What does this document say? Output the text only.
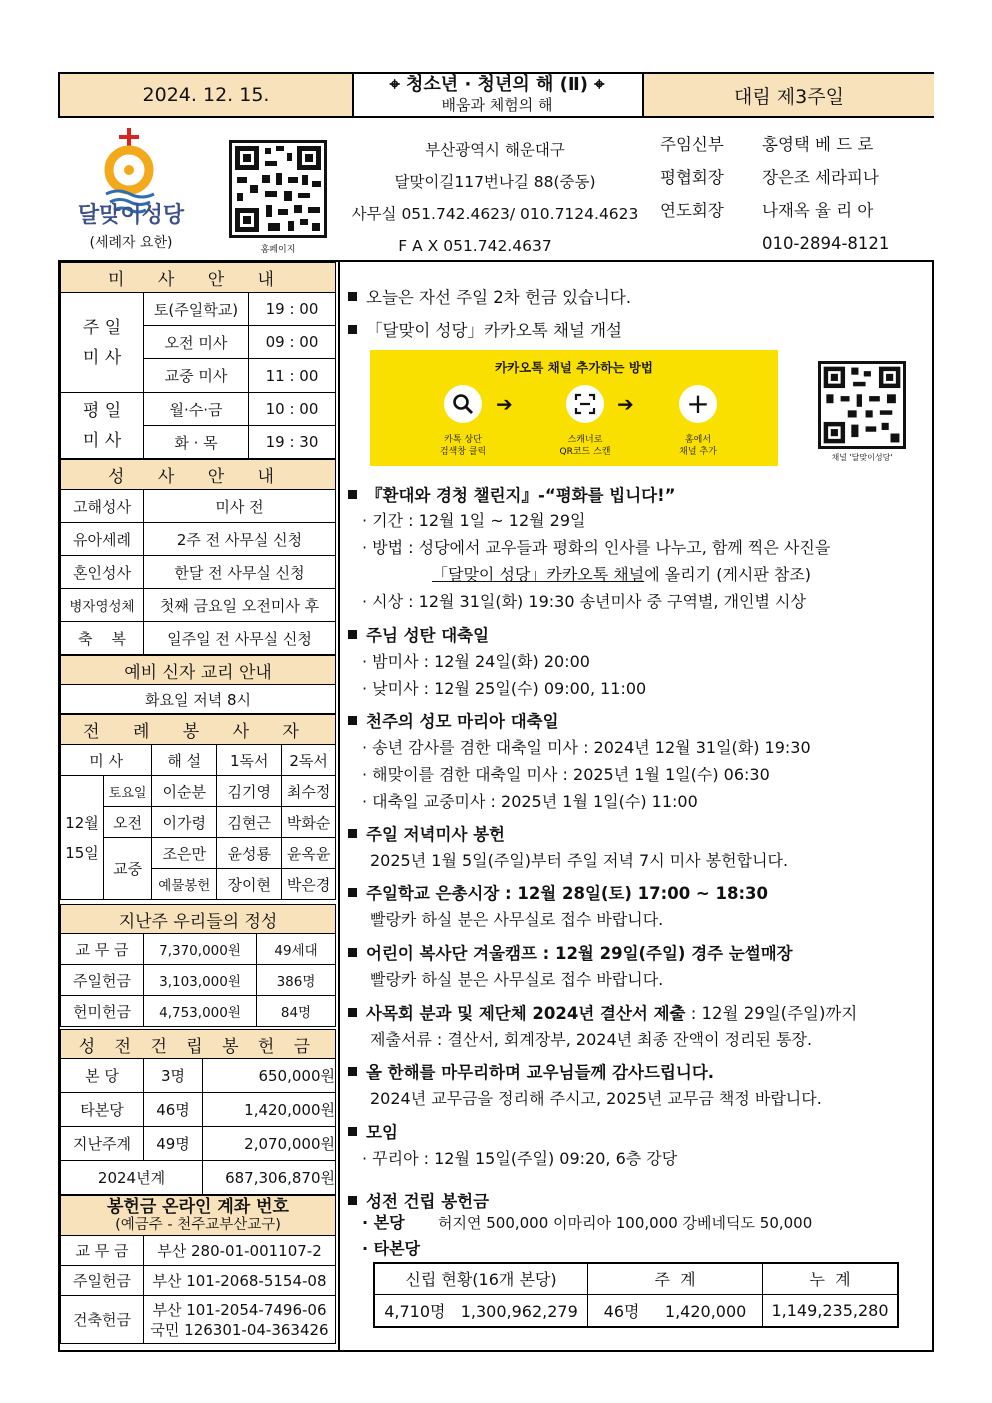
2024. 12. 15.	⌖ 청소년 · 청년의 해 (Ⅱ) ⌖
배움과 체험의 해	대림 제3주일
달맞이성당
(세례자 요한)	홈페이지
부산광역시 해운대구
달맞이길117번나길 88(중동)
사무실 051.742.4623/ 010.7124.4623
F A X 051.742.4637
주임신부 홍영택 베 드 로
평협회장 장은조 세라피나
연도회장 나재옥 율 리 아
010-2894-8121
미 사 안 내		
주 일
미 사	토(주일학교)	19 : 00
	오전 미사	09 : 00
	교중 미사	11 : 00
평 일
미 사	월·수·금	10 : 00
	화 · 목	19 : 30
성 사 안 내	
고해성사	미사 전
유아세례	2주 전 사무실 신청
혼인성사	한달 전 사무실 신청
병자영성체	첫째 금요일 오전미사 후
축    복	일주일 전 사무실 신청
예비 신자 교리 안내
화요일 저녁 8시
전 례 봉 사 자				
미 사		해 설	1독서	2독서
12월
15일	토요일	이순분	김기영	최수정
	오전	이가령	김현근	박화순
	교중	조은만	윤성룡	윤옥윤
		예물봉헌	장이현	박은경
지난주 우리들의 정성		
교 무 금	7,370,000원	49세대
주일헌금	3,103,000원	386명
헌미헌금	4,753,000원	84명
성 전 건 립 봉 헌 금		
본 당	3명	650,000원
타본당	46명	1,420,000원
지난주계	49명	2,070,000원
2024년계		687,306,870원
봉헌금 온라인 계좌 번호
(예금주 - 천주교부산교구)	

교 무 금	부산 280-01-001107-2
주일헌금	부산 101-2068-5154-08
건축헌금	부산 101-2054-7496-06
국민 126301-04-363426
오늘은 자선 주일 2차 헌금 있습니다.
「달맞이 성당」카카오톡 채널 개설
카카오톡 채널 추가하는 방법
➔	➔ +
카톡 상단
검색창 클릭
스캐너로
QR코드 스캔
홈에서
채널 추가
채널 '달맞이성당'
『환대와 경청 챌린지』-“평화를 빕니다!”
· 기간 : 12월 1일 ~ 12월 29일
· 방법 : 성당에서 교우들과 평화의 인사를 나누고, 함께 찍은 사진을
「달맞이 성당」카카오톡 채널에 올리기 (게시판 참조)
· 시상 : 12월 31일(화) 19:30 송년미사 중 구역별, 개인별 시상
주님 성탄 대축일
· 밤미사 : 12월 24일(화) 20:00
· 낮미사 : 12월 25일(수) 09:00, 11:00
천주의 성모 마리아 대축일
· 송년 감사를 겸한 대축일 미사 : 2024년 12월 31일(화) 19:30
· 해맞이를 겸한 대축일 미사 : 2025년 1월 1일(수) 06:30
· 대축일 교중미사 : 2025년 1월 1일(수) 11:00
주일 저녁미사 봉헌
2025년 1월 5일(주일)부터 주일 저녁 7시 미사 봉헌합니다.
주일학교 은총시장 : 12월 28일(토) 17:00 ~ 18:30
빨랑카 하실 분은 사무실로 접수 바랍니다.
어린이 복사단 겨울캠프 : 12월 29일(주일) 경주 눈썰매장
빨랑카 하실 분은 사무실로 접수 바랍니다.
사목회 분과 및 제단체 2024년 결산서 제출 : 12월 29일(주일)까지
제출서류 : 결산서, 회계장부, 2024년 최종 잔액이 정리된 통장.
올 한해를 마무리하며 교우님들께 감사드립니다.
2024년 교무금을 정리해 주시고, 2025년 교무금 책정 바랍니다.
모임
· 꾸리아 : 12월 15일(주일) 09:20, 6층 강당
성전 건립 봉헌금
· 본당 허지연 500,000 이마리아 100,000 강베네딕도 50,000
· 타본당
신립 현황(16개 본당)	주  계	누  계
4,710명 1,300,962,279	46명 1,420,000	1,149,235,280
